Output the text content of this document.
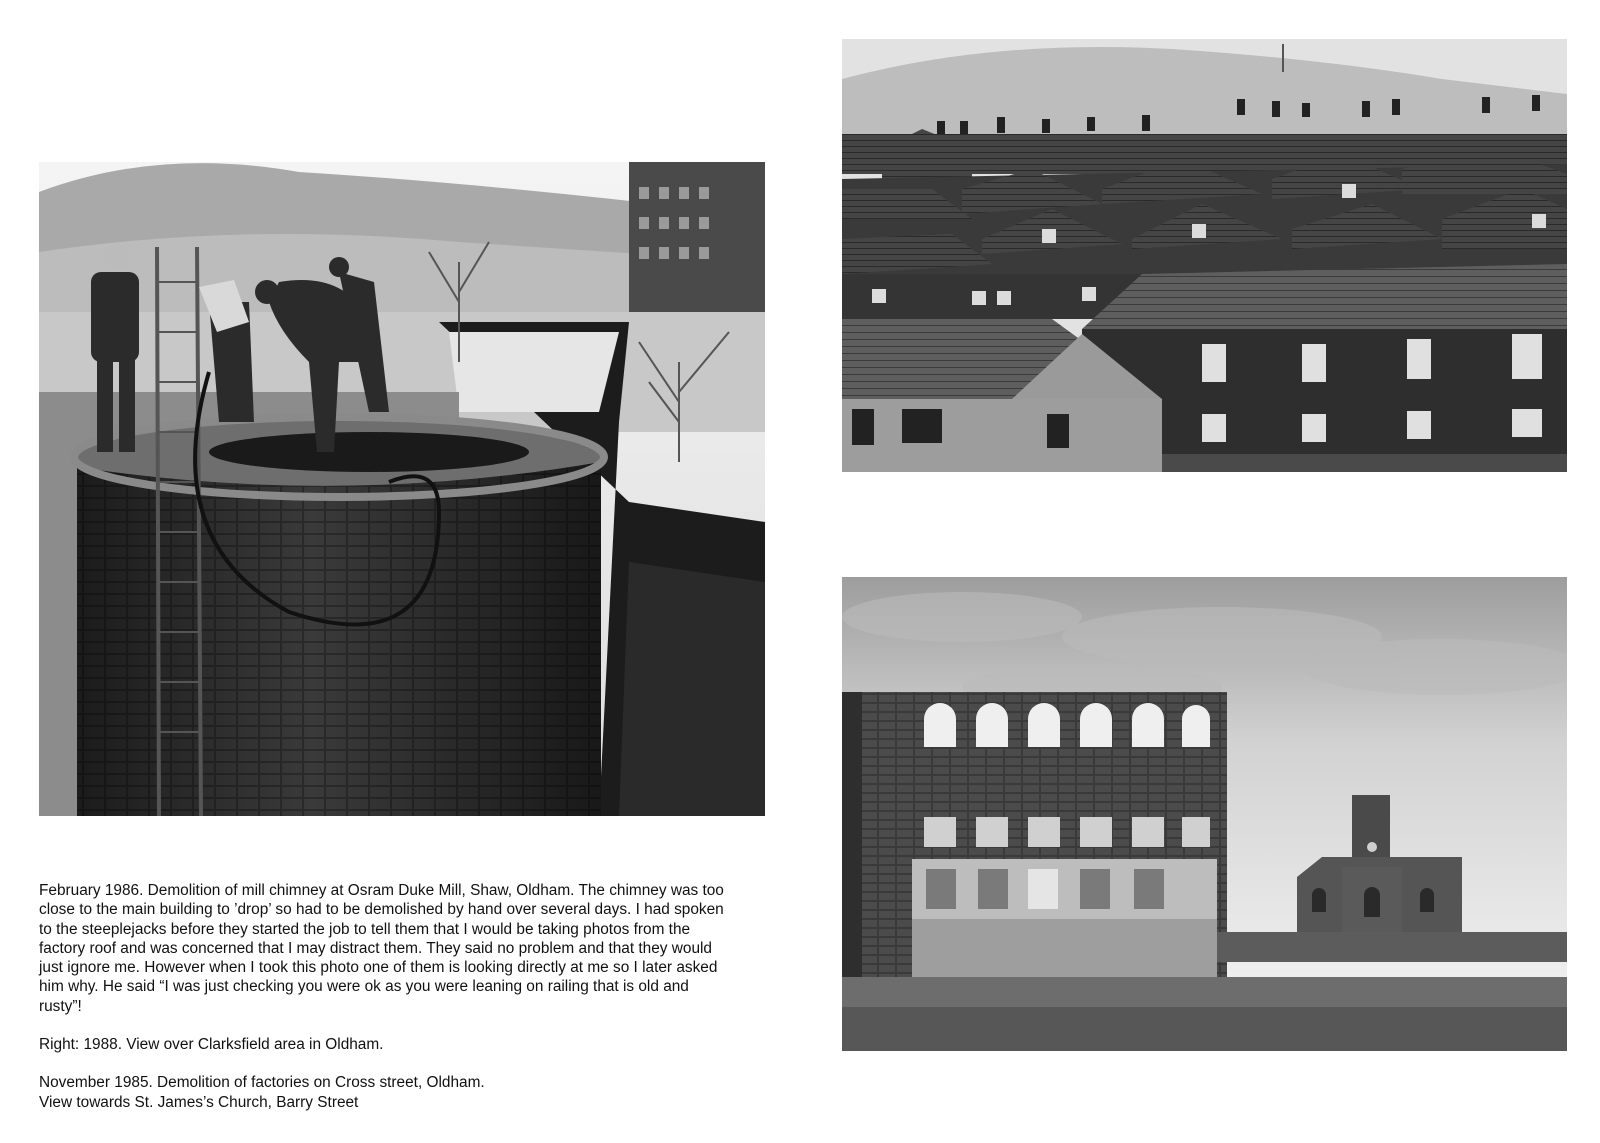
February 1986. Demolition of mill chimney at Osram Duke Mill, Shaw, Oldham. The chimney was too
close to the main building to ’drop’ so had to be demolished by hand over several days. I had spoken
to the steeplejacks before they started the job to tell them that I would be taking photos from the
factory roof and was concerned that I may distract them. They said no problem and that they would
just ignore me. However when I took this photo one of them is looking directly at me so I later asked
him why. He said “I was just checking you were ok as you were leaning on railing that is old and
rusty”!

Right: 1988. View over Clarksfield area in Oldham.

November 1985. Demolition of factories on Cross street, Oldham.
View towards St. James’s Church, Barry Street
